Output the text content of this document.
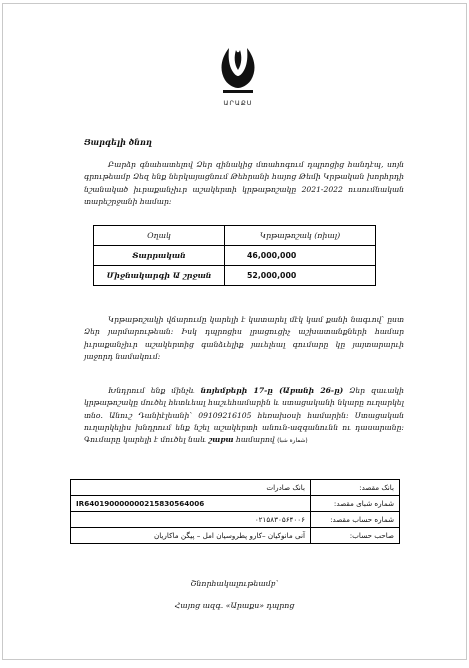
ԱՐԱՔՍ
Յարգելի ծնող

Բարձր գնահատելով Ձեր զինակից մտահոգում դպրոցից հանդէպ, սոյն գրութեամբ Ձեզ ենք ներկայացնում Թեհրանի հայոց Թեմի Կրթական խորհրդի նշանակած իւրաքանչիւր աշակերտի կրթաթոշակը 2021-2022 ուսումնական տարեշրջանի համար։

Օղակ	Կրթաթոշակ (ռիալ)
Տարրական	46,000,000
Միջնակարգի Ա շրջան	52,000,000

Կրթաթոշակի վճարումը կարելի է կատարել մէկ կամ քանի նագւով՝ ըստ Ձեր յարմարութեան։ Իսկ դպրոցիս լրացուցիչ աշխատանքների համար իւրաքանչիւր աշակերտից գանձւելիք յաւելեալ գումարը կը յայտարարւի յաջորդ նամակում։

Խնդրում ենք մինչև նոյեմբերի 17-ը (Աբանի 26-ը) Ձեր զաւակի կրթաթոշակը մուծել հետևեալ հաշւեհամարին և ստացականի նկարը ուղարկել տնօ. Անուշ Դանիէլեանի՝ 09109216105 հեռախօսի համարին։ Ստացական ուղարկելիս խնդրում ենք նշել աշակերտի անուն-ազգանունն ու դասարանը։ Գումարը կարելի է մուծել նաև շաբա համարով (شماره شبا)

بانک مقصد:	بانک صادرات
شماره شبای مقصد:	IR640190000000215830564006
شماره حساب مقصد:	۰۲۱۵۸۳۰۵۶۴۰۰۶
صاحب حساب:	آنی مانوکیان –کارو پطروسیان امل – پیگن ماکاریان
Շնորհակալութեամբ՝
Հայոց ազգ. «Արաքս» դպրոց
